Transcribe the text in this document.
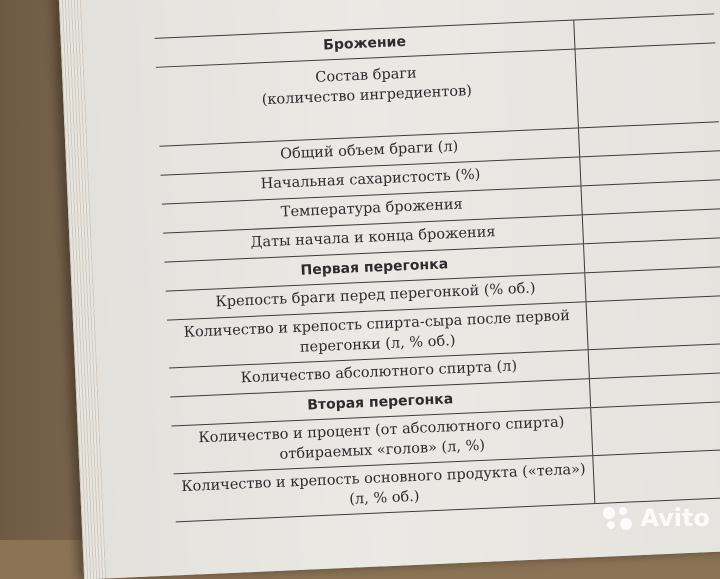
Брожение
Состав браги
(количество ингредиентов)
Общий объем браги (л)
Начальная сахаристость (%)
Температура брожения
Даты начала и конца брожения
Первая перегонка
Крепость браги перед перегонкой (% об.)
Количество и крепость спирта-сыра после первой
перегонки (л, % об.)
Количество абсолютного спирта (л)
Вторая перегонка
Количество и процент (от абсолютного спирта)
отбираемых «голов» (л, %)
Количество и крепость основного продукта («тела»)
(л, % об.)
Avito
